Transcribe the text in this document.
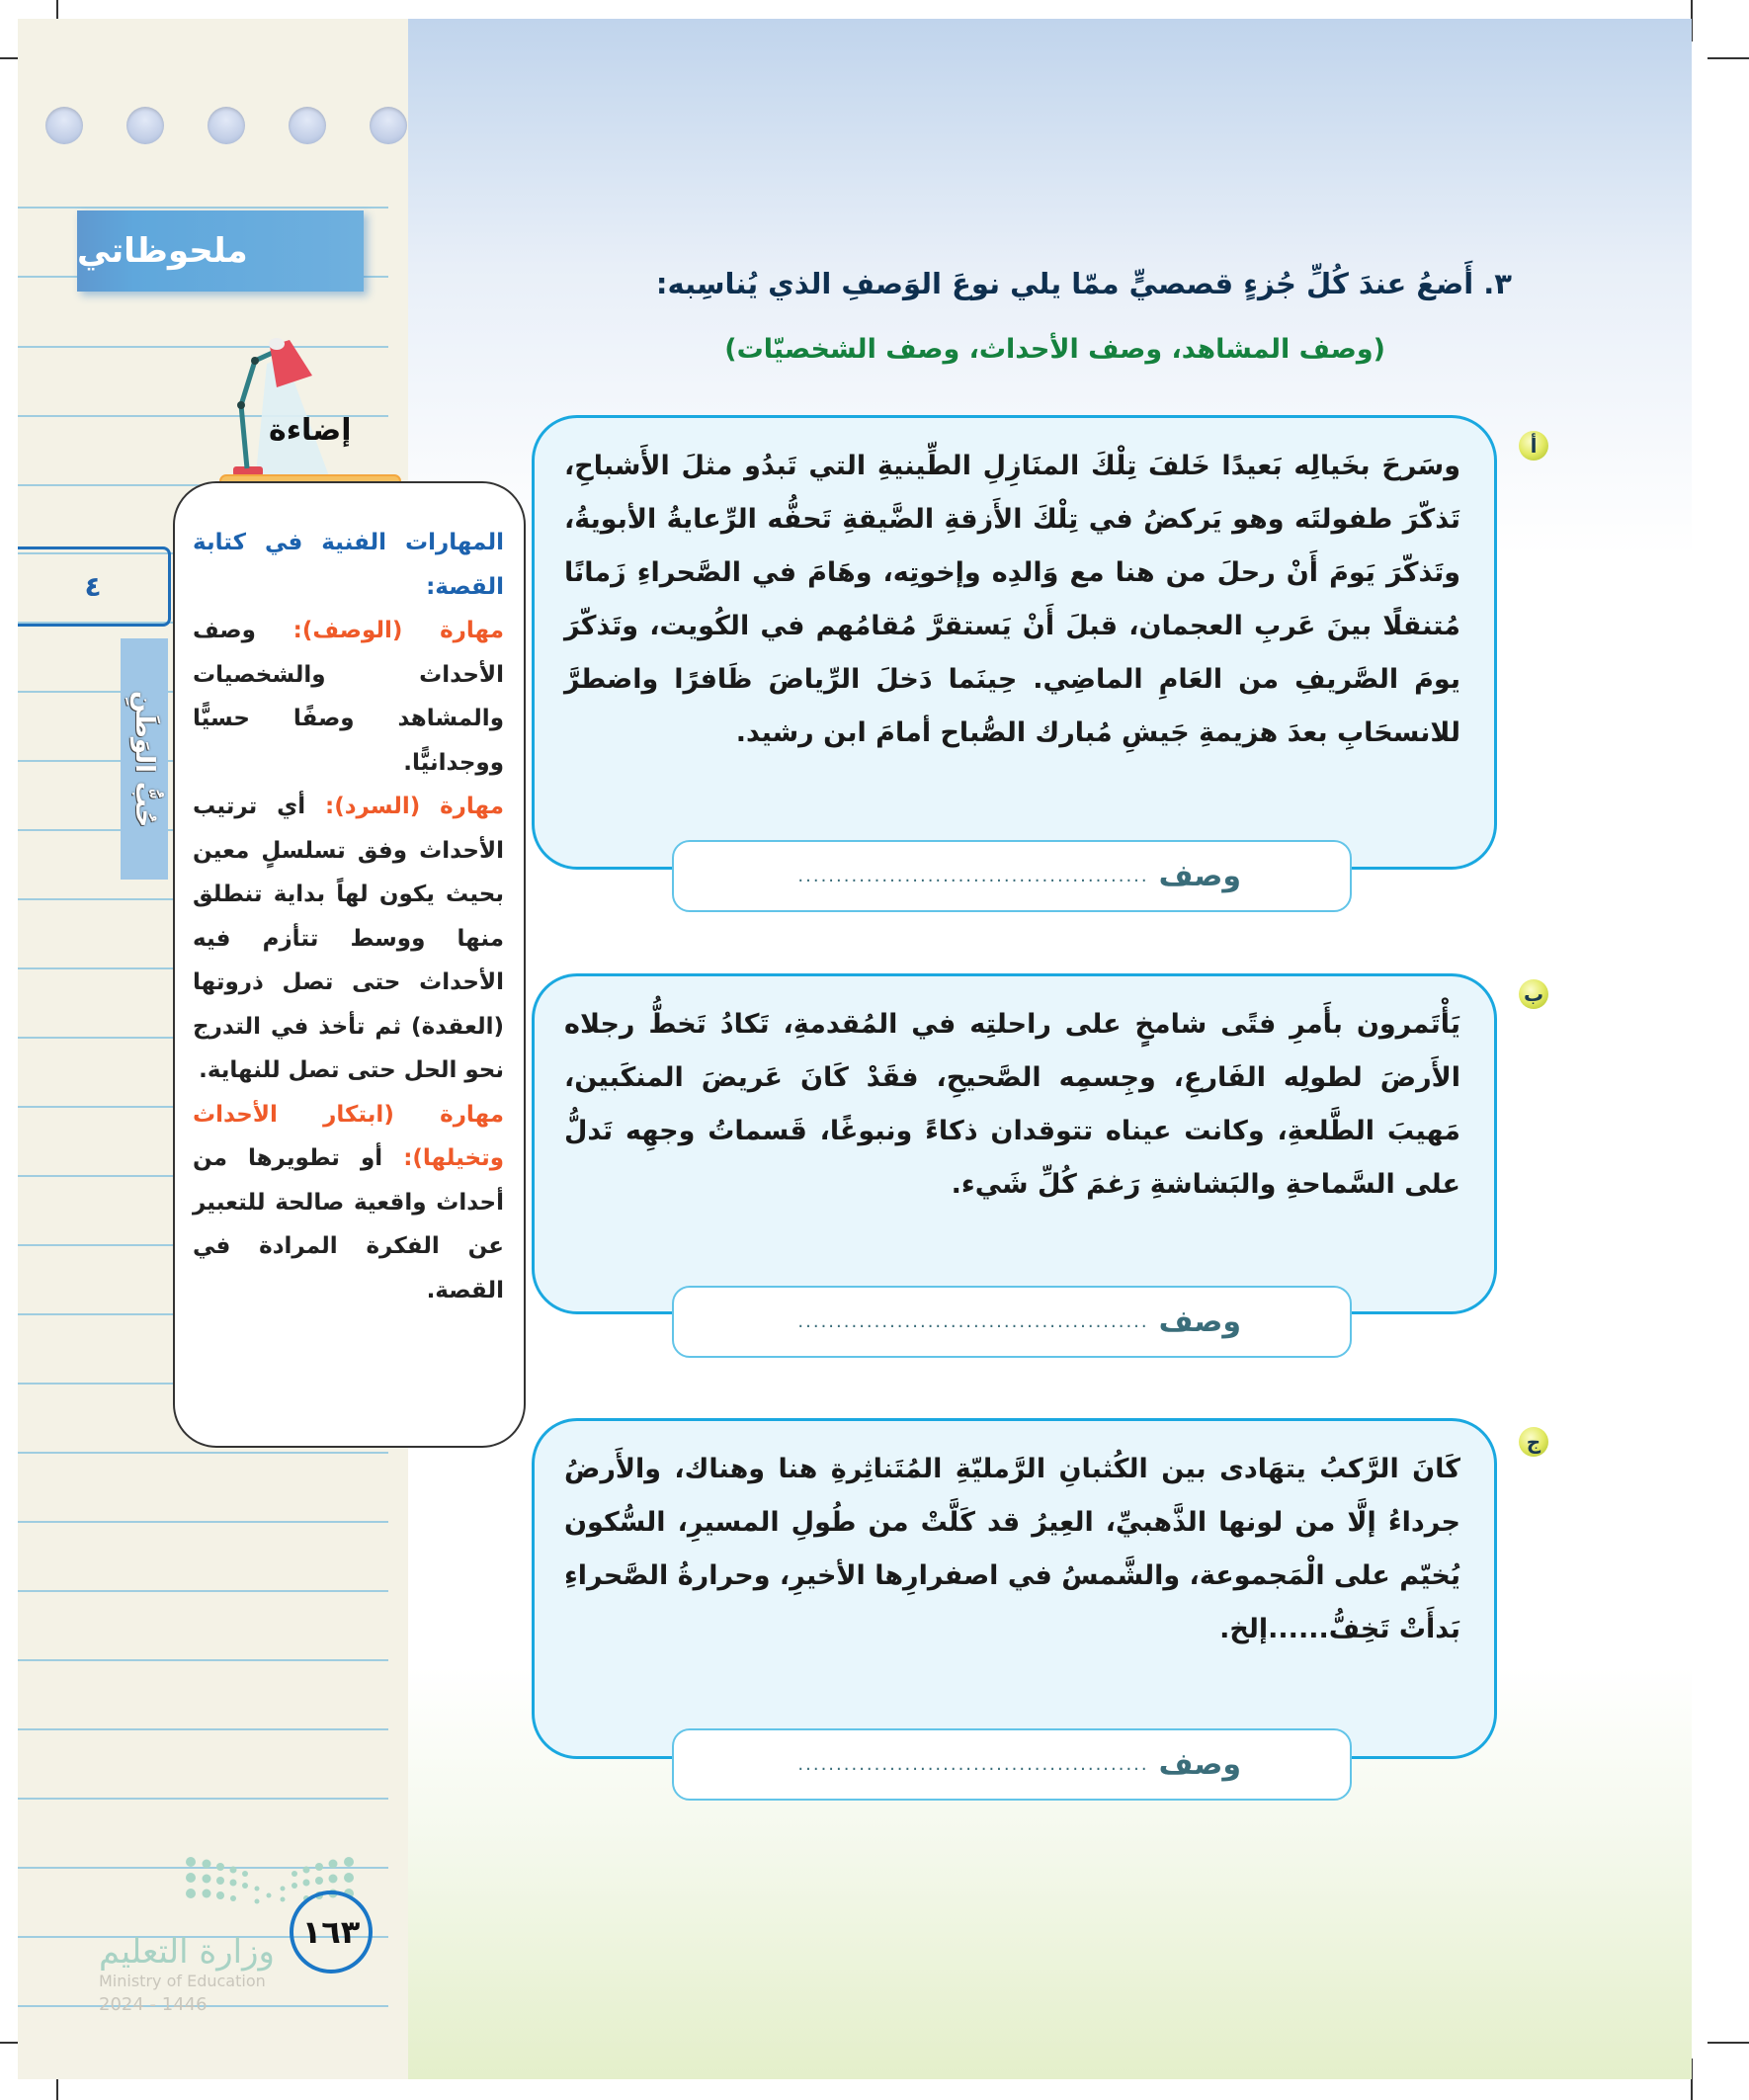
ملحوظاتي
إضاءة
٤
حُبُّ الوَطَنِ
المهارات الفنية في كتابة القصة:
مهارة (الوصف): وصف الأحداث والشخصيات والمشاهد وصفًا حسيًّا ووجدانيًّا.
مهارة (السرد): أي ترتيب الأحداث وفق تسلسلٍ معين بحيث يكون لهاً بداية تنطلق منها ووسط تتأزم فيه الأحداث حتى تصل ذروتها (العقدة) ثم تأخذ في التدرج نحو الحل حتى تصل للنهاية.
مهارة (ابتكار الأحداث وتخيلها): أو تطويرها من أحداث واقعية صالحة للتعبير عن الفكرة المرادة في القصة.
١٦٣
وزارة التعليم
Ministry of Education
2024 - 1446
٣. أَضعُ عندَ كُلِّ جُزءٍ قصصيٍّ ممّا يلي نوعَ الوَصفِ الذي يُناسِبه:
(وصف المشاهد، وصف الأحداث، وصف الشخصيّات)
أ
وسَرحَ بخَيالِه بَعيدًا خَلفَ تِلْكَ المنَازِلِ الطِّينيةِ التي تَبدُو مثلَ الأَشباحِ، تَذكّرَ طفولتَه وهو يَركضُ في تِلْكَ الأَزقةِ الضَّيقةِ تَحفُّه الرِّعايةُ الأبويةُ، وتَذكّرَ يَومَ أَنْ رحلَ من هنا مع وَالدِه وإخوتِه، وهَامَ في الصَّحراءِ زَمانًا مُتنقلًا بينَ عَربِ العجمان، قبلَ أَنْ يَستقرَّ مُقامُهم في الكُويت، وتَذكّرَ يومَ الصَّريفِ من العَامِ الماضِي. حِينَما دَخلَ الرِّياضَ ظَافرًا واضطرَّ للانسحَابِ بعدَ هزيمةِ جَيشِ مُبارك الصُّباح أمامَ ابن رشيد.
وصف
..............................................
ب
يَأْتَمرون بأَمرِ فتًى شامخٍ على راحلتِه في المُقدمةِ، تَكادُ تَخطُّ رجلاه الأَرضَ لطولِه الفَارعِ، وجِسمِه الصَّحيحِ، فقَدْ كَانَ عَريضَ المنكَبين، مَهيبَ الطَّلعةِ، وكانت عيناه تتوقدان ذكاءً ونبوغًا، قَسماتُ وجهِه تَدلُّ على السَّماحةِ والبَشاشةِ رَغمَ كُلِّ شَيء.
وصف
..............................................
ج
كَانَ الرَّكبُ يتهَادى بين الكُثبانِ الرَّمليّةِ المُتَناثِرةِ هنا وهناك، والأَرضُ جرداءُ إلَّا من لونها الذَّهبيِّ، العِيرُ قد كَلَّتْ من طُولِ المسيرِ، السُّكون يُخيّم على الْمَجموعة، والشَّمسُ في اصفرارِها الأخيرِ، وحرارةُ الصَّحراءِ بَدأَتْ تَخِفُّ......إلخ.
وصف
..............................................
